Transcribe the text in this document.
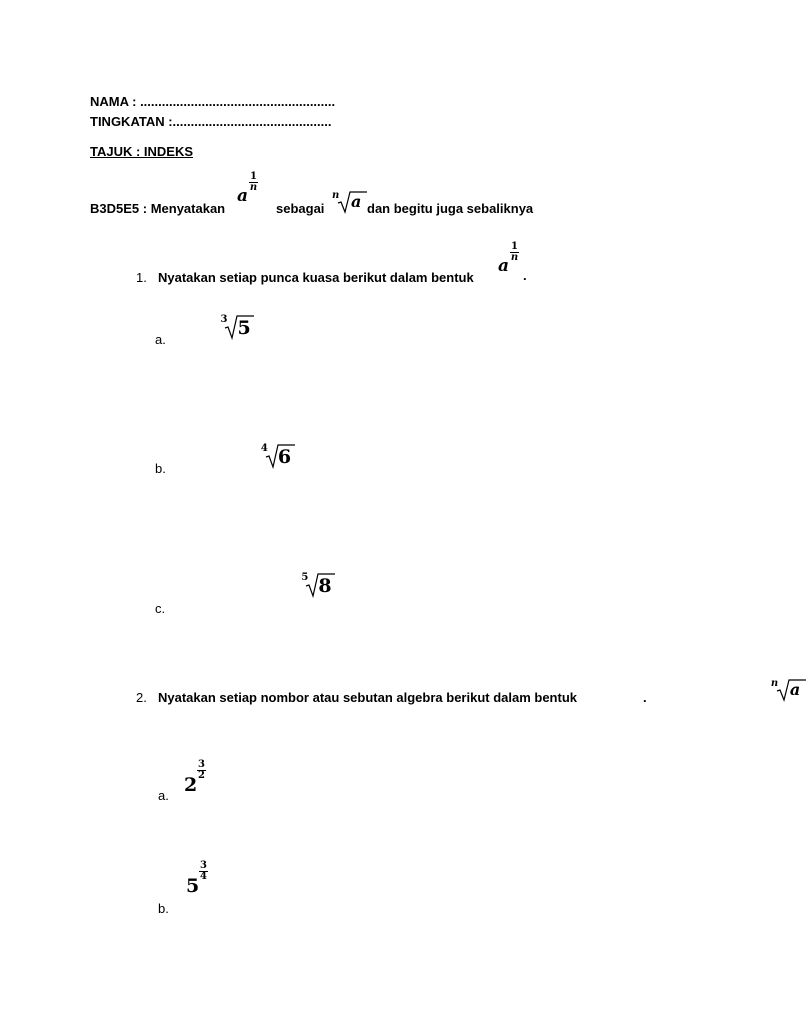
NAMA : ......................................................
TINGKATAN :............................................
TAJUK : INDEKS
B3D5E5 : Menyatakan
a
1
n
sebagai
n a
dan begitu juga sebaliknya
1. Nyatakan setiap punca kuasa berikut dalam bentuk
a
1
n
.
a.
3 5

b.
4 6

c.
5 8

2. Nyatakan setiap nombor atau sebutan algebra berikut dalam bentuk
n a
.
a. 2
3
2
b.
5
3
4
